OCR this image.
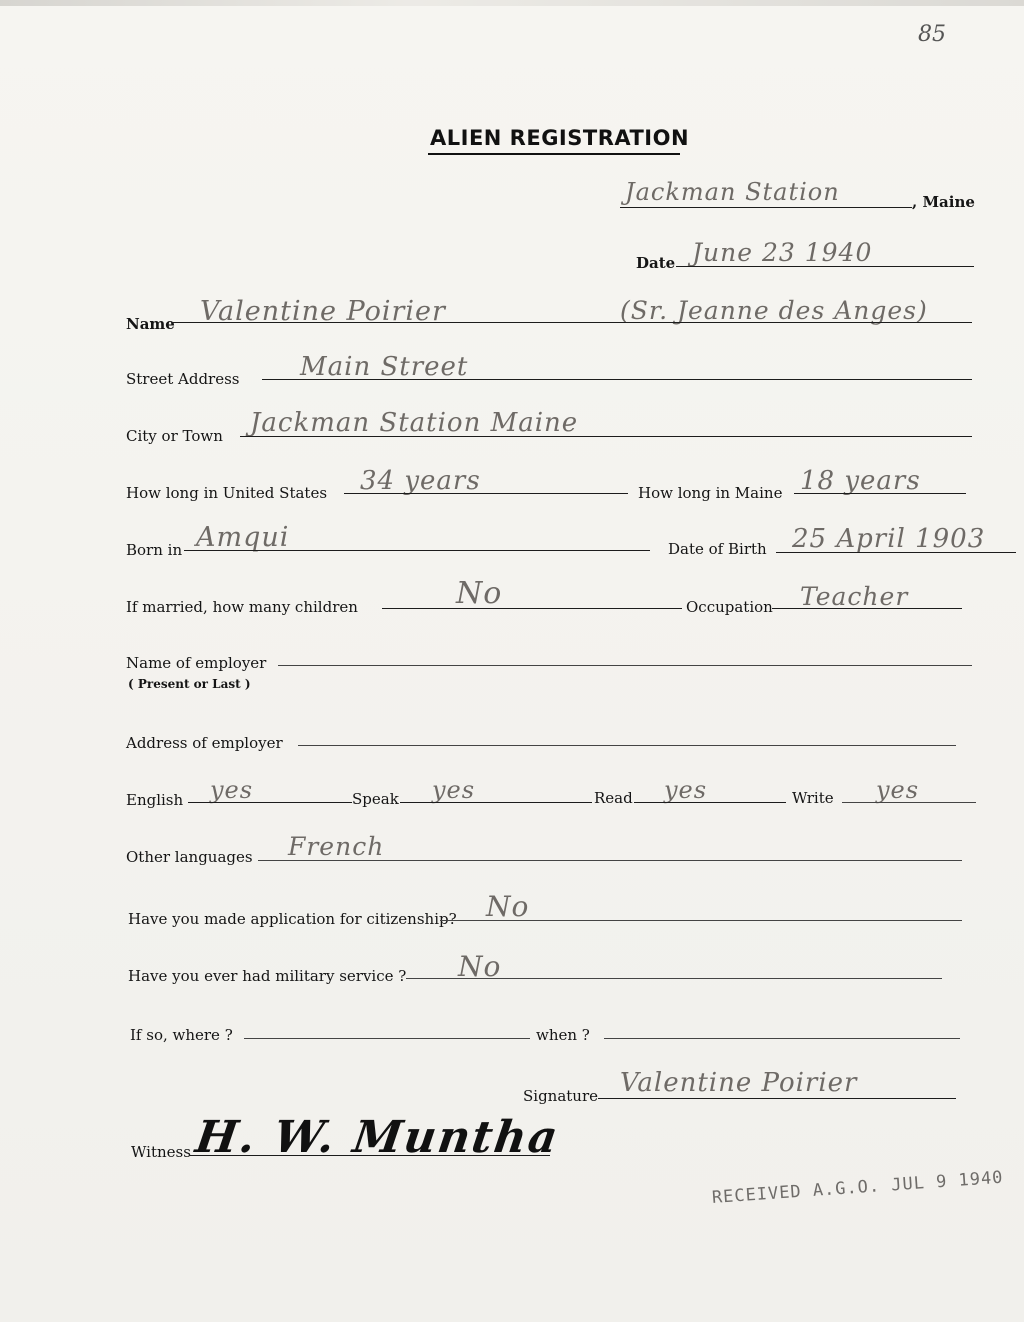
85
ALIEN REGISTRATION
Jackman Station	, Maine
Date June 23 1940
Name Valentine Poirier	(Sr. Jeanne des Anges)
Street Address Main Street
City or Town Jackman Station Maine
How long in United States 34 years	How long in Maine 18 years
Born in Amqui	Date of Birth 25 April 1903
If married, how many children	No	Occupation Teacher
Name of employer
( Present or Last )
Address of employer
English yes	Speak yes	Read yes	Write yes
Other languages French
Have you made application for citizenship? No
Have you ever had military service ? No
If so, where ?	when ?
Signature Valentine Poirier
Witness H. W. Muntha
RECEIVED A.G.O. JUL 9 1940
